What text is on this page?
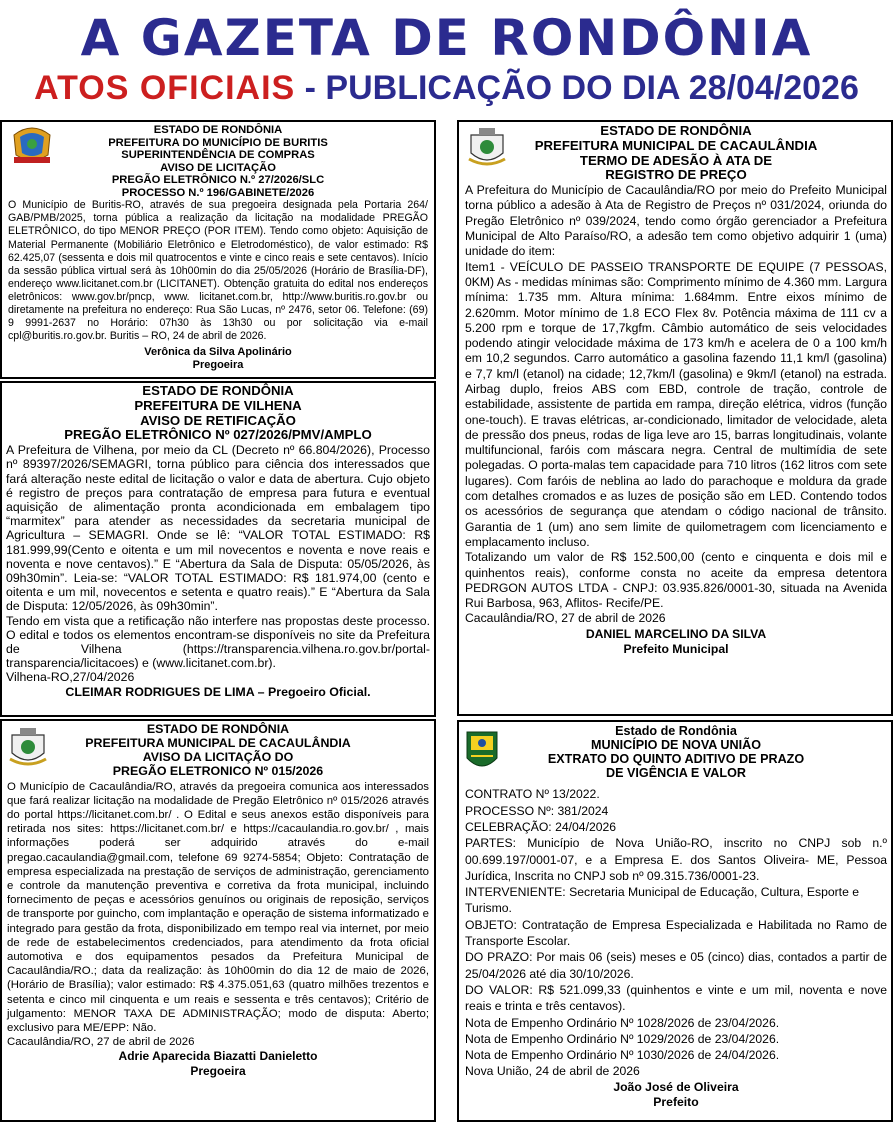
A GAZETA DE RONDÔNIA
ATOS OFICIAIS - PUBLICAÇÃO DO DIA 28/04/2026
ESTADO DE RONDÔNIA
PREFEITURA DO MUNICÍPIO DE BURITIS
SUPERINTENDÊNCIA DE COMPRAS
AVISO DE LICITAÇÃO
PREGÃO ELETRÔNICO N.º 27/2026/SLC
PROCESSO N.º 196/GABINETE/2026

O Município de Buritis-RO, através de sua pregoeira designada pela Portaria 264/ GAB/PMB/2025, torna pública a realização da licitação na modalidade PREGÃO ELETRÔNICO, do tipo MENOR PREÇO (POR ITEM). Tendo como objeto: Aquisição de Material Permanente (Mobiliário Eletrônico e Eletrodoméstico), de valor estimado: R$ 62.425,07 (sessenta e dois mil quatrocentos e vinte e cinco reais e sete centavos). Início da sessão pública virtual será às 10h00min do dia 25/05/2026 (Horário de Brasília-DF), endereço www.licitanet.com.br (LICITANET). Obtenção gratuita do edital nos endereços eletrônicos: www.gov.br/pncp, www. licitanet.com.br, http://www.buritis.ro.gov.br ou diretamente na prefeitura no endereço: Rua São Lucas, nº 2476, setor 06. Telefone: (69) 9 9991-2637 no Horário: 07h30 às 13h30 ou por solicitação via e-mail cpl@buritis.ro.gov.br. Buritis – RO, 24 de abril de 2026.

Verônica da Silva Apolinário
Pregoeira
ESTADO DE RONDÔNIA
PREFEITURA DE VILHENA
AVISO DE RETIFICAÇÃO
PREGÃO ELETRÔNICO Nº 027/2026/PMV/AMPLO

A Prefeitura de Vilhena, por meio da CL (Decreto nº 66.804/2026), Processo nº 89397/2026/SEMAGRI, torna público para ciência dos interessados que fará alteração neste edital de licitação o valor e data de abertura. Cujo objeto é registro de preços para contratação de empresa para futura e eventual aquisição de alimentação pronta acondicionada em embalagem tipo “marmitex” para atender as necessidades da secretaria municipal de Agricultura – SEMAGRI. Onde se lê: “VALOR TOTAL ESTIMADO: R$ 181.999,99(Cento e oitenta e um mil novecentos e noventa e nove reais e noventa e nove centavos).” E “Abertura da Sala de Disputa: 05/05/2026, às 09h30min”. Leia-se: “VALOR TOTAL ESTIMADO: R$ 181.974,00 (cento e oitenta e um mil, novecentos e setenta e quatro reais).” E “Abertura da Sala de Disputa: 12/05/2026, às 09h30min”.

Tendo em vista que a retificação não interfere nas propostas deste processo. O edital e todos os elementos encontram-se disponíveis no site da Prefeitura de Vilhena (https://transparencia.vilhena.ro.gov.br/portal-transparencia/licitacoes) e (www.licitanet.com.br).

Vilhena-RO,27/04/2026

CLEIMAR RODRIGUES DE LIMA – Pregoeiro Oficial.
ESTADO DE RONDÔNIA
PREFEITURA MUNICIPAL DE CACAULÂNDIA
AVISO DA LICITAÇÃO DO
PREGÃO ELETRONICO Nº 015/2026

O Município de Cacaulândia/RO, através da pregoeira comunica aos interessados que fará realizar licitação na modalidade de Pregão Eletrônico nº 015/2026 através do portal https://licitanet.com.br/ . O Edital e seus anexos estão disponíveis para retirada nos sites: https://licitanet.com.br/ e https://cacaulandia.ro.gov.br/ , mais informações poderá ser adquirido através do e-mail pregao.cacaulandia@gmail.com, telefone 69 9274-5854; Objeto: Contratação de empresa especializada na prestação de serviços de administração, gerenciamento e controle da manutenção preventiva e corretiva da frota municipal, incluindo fornecimento de peças e acessórios genuínos ou originais de reposição, serviços de transporte por guincho, com implantação e operação de sistema informatizado e integrado para gestão da frota, disponibilizado em tempo real via internet, por meio de rede de estabelecimentos credenciados, para atendimento da frota oficial automotiva e dos equipamentos pesados da Prefeitura Municipal de Cacaulândia/RO.; data da realização: às 10h00min do dia 12 de maio de 2026, (Horário de Brasília); valor estimado: R$ 4.375.051,63 (quatro milhões trezentos e setenta e cinco mil cinquenta e um reais e sessenta e três centavos); Critério de julgamento: MENOR TAXA DE ADMINISTRAÇÃO; modo de disputa: Aberto; exclusivo para ME/EPP: Não.

Cacaulândia/RO, 27 de abril de 2026

Adrie Aparecida Biazatti Danieletto
Pregoeira
ESTADO DE RONDÔNIA
PREFEITURA MUNICIPAL DE CACAULÂNDIA
TERMO DE ADESÃO À ATA DE
REGISTRO DE PREÇO

A Prefeitura do Município de Cacaulândia/RO por meio do Prefeito Municipal torna público a adesão à Ata de Registro de Preços nº 031/2024, oriunda do Pregão Eletrônico nº 039/2024, tendo como órgão gerenciador a Prefeitura Municipal de Alto Paraíso/RO, a adesão tem como objetivo adquirir 1 (uma) unidade do item:

Item1 - VEÍCULO DE PASSEIO TRANSPORTE DE EQUIPE (7 PESSOAS, 0KM) As - medidas mínimas são: Comprimento mínimo de 4.360 mm. Largura mínima: 1.735 mm. Altura mínima: 1.684mm. Entre eixos mínimo de 2.620mm. Motor mínimo de 1.8 ECO Flex 8v. Potência máxima de 111 cv a 5.200 rpm e torque de 17,7kgfm. Câmbio automático de seis velocidades podendo atingir velocidade máxima de 173 km/h e acelera de 0 a 100 km/h em 10,2 segundos. Carro automático a gasolina fazendo 11,1 km/l (gasolina) e 7,7 km/l (etanol) na cidade; 12,7km/l (gasolina) e 9km/l (etanol) na estrada. Airbag duplo, freios ABS com EBD, controle de tração, controle de estabilidade, assistente de partida em rampa, direção elétrica, vidros (função one-touch). E travas elétricas, ar-condicionado, limitador de velocidade, aleta de pressão dos pneus, rodas de liga leve aro 15, barras longitudinais, volante multifuncional, faróis com máscara negra. Central de multimídia de sete polegadas. O porta-malas tem capacidade para 710 litros (162 litros com sete lugares). Com faróis de neblina ao lado do parachoque e moldura da grade com detalhes cromados e as luzes de posição são em LED. Contendo todos os acessórios de segurança que atendam o código nacional de trânsito. Garantia de 1 (um) ano sem limite de quilometragem com licenciamento e emplacamento incluso.

Totalizando um valor de R$ 152.500,00 (cento e cinquenta e dois mil e quinhentos reais), conforme consta no aceite da empresa detentora PEDRGON AUTOS LTDA - CNPJ: 03.935.826/0001-30, situada na Avenida Rui Barbosa, 963, Aflitos- Recife/PE.

Cacaulândia/RO, 27 de abril de 2026

DANIEL MARCELINO DA SILVA
Prefeito Municipal
Estado de Rondônia
MUNICÍPIO DE NOVA UNIÃO
EXTRATO DO QUINTO ADITIVO DE PRAZO
DE VIGÊNCIA E VALOR

CONTRATO Nº 13/2022.

PROCESSO Nº: 381/2024

CELEBRAÇÃO: 24/04/2026

PARTES: Município de Nova União-RO, inscrito no CNPJ sob n.º 00.699.197/0001-07, e a Empresa E. dos Santos Oliveira- ME, Pessoa Jurídica, Inscrita no CNPJ sob nº 09.315.736/0001-23.

INTERVENIENTE: Secretaria Municipal de Educação, Cultura, Esporte e Turismo.

OBJETO: Contratação de Empresa Especializada e Habilitada no Ramo de Transporte Escolar.

DO PRAZO: Por mais 06 (seis) meses e 05 (cinco) dias, contados a partir de 25/04/2026 até dia 30/10/2026.

DO VALOR: R$ 521.099,33 (quinhentos e vinte e um mil, noventa e nove reais e trinta e três centavos).

Nota de Empenho Ordinário Nº 1028/2026 de 23/04/2026.

Nota de Empenho Ordinário Nº 1029/2026 de 23/04/2026.

Nota de Empenho Ordinário Nº 1030/2026 de 24/04/2026.

Nova União, 24 de abril de 2026

João José de Oliveira
Prefeito
